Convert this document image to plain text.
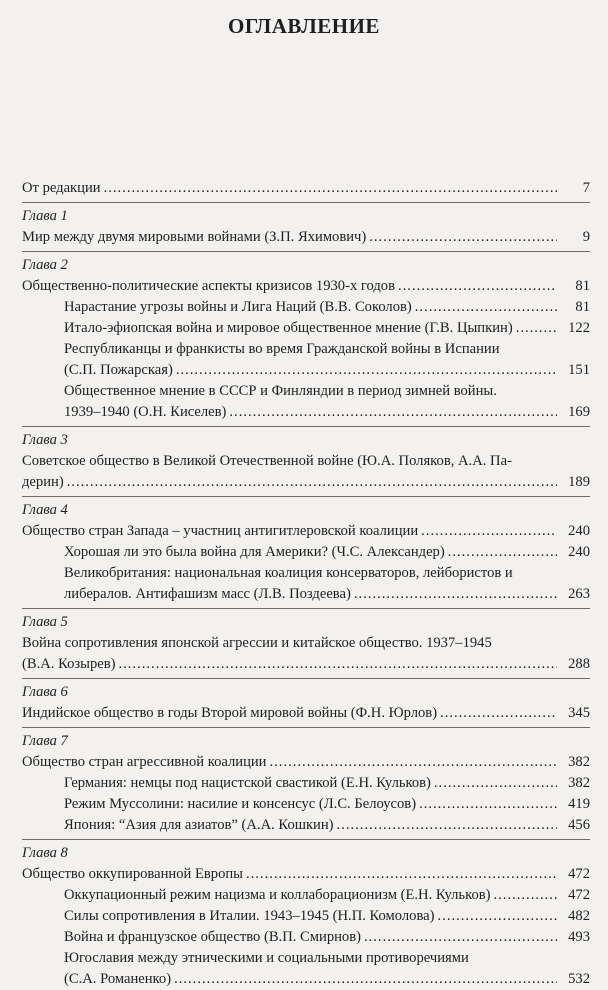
ОГЛАВЛЕНИЕ
От редакции .....	7
Глава 1
Мир между двумя мировыми войнами (З.П. Яхимович) .....	9
Глава 2
Общественно-политические аспекты кризисов 1930-х годов .....	81
Нарастание угрозы войны и Лига Наций (В.В. Соколов) .....	81
Итало-эфиопская война и мировое общественное мнение (Г.В. Цыпкин) .....	122
Республиканцы и франкисты во время Гражданской войны в Испании
(С.П. Пожарская) .....	151
Общественное мнение в СССР и Финляндии в период зимней войны.
1939–1940 (О.Н. Киселев) .....	169
Глава 3
Советское общество в Великой Отечественной войне (Ю.А. Поляков, А.А. Па-
дерин) .....	189
Глава 4
Общество стран Запада – участниц антигитлеровской коалиции .....	240
Хорошая ли это была война для Америки? (Ч.С. Александер) .....	240
Великобритания: национальная коалиция консерваторов, лейбористов и
либералов. Антифашизм масс (Л.В. Поздеева) .....	263
Глава 5
Война сопротивления японской агрессии и китайское общество. 1937–1945
(В.А. Козырев) .....	288
Глава 6
Индийское общество в годы Второй мировой войны (Ф.Н. Юрлов) .....	345
Глава 7
Общество стран агрессивной коалиции .....	382
Германия: немцы под нацистской свастикой (Е.Н. Кульков) .....	382
Режим Муссолини: насилие и консенсус (Л.С. Белоусов) .....	419
Япония: “Азия для азиатов” (А.А. Кошкин) .....	456
Глава 8
Общество оккупированной Европы .....	472
Оккупационный режим нацизма и коллаборационизм (Е.Н. Кульков) .....	472
Силы сопротивления в Италии. 1943–1945 (Н.П. Комолова) .....	482
Война и французское общество (В.П. Смирнов) .....	493
Югославия между этническими и социальными противоречиями
(С.А. Романенко) .....	532
